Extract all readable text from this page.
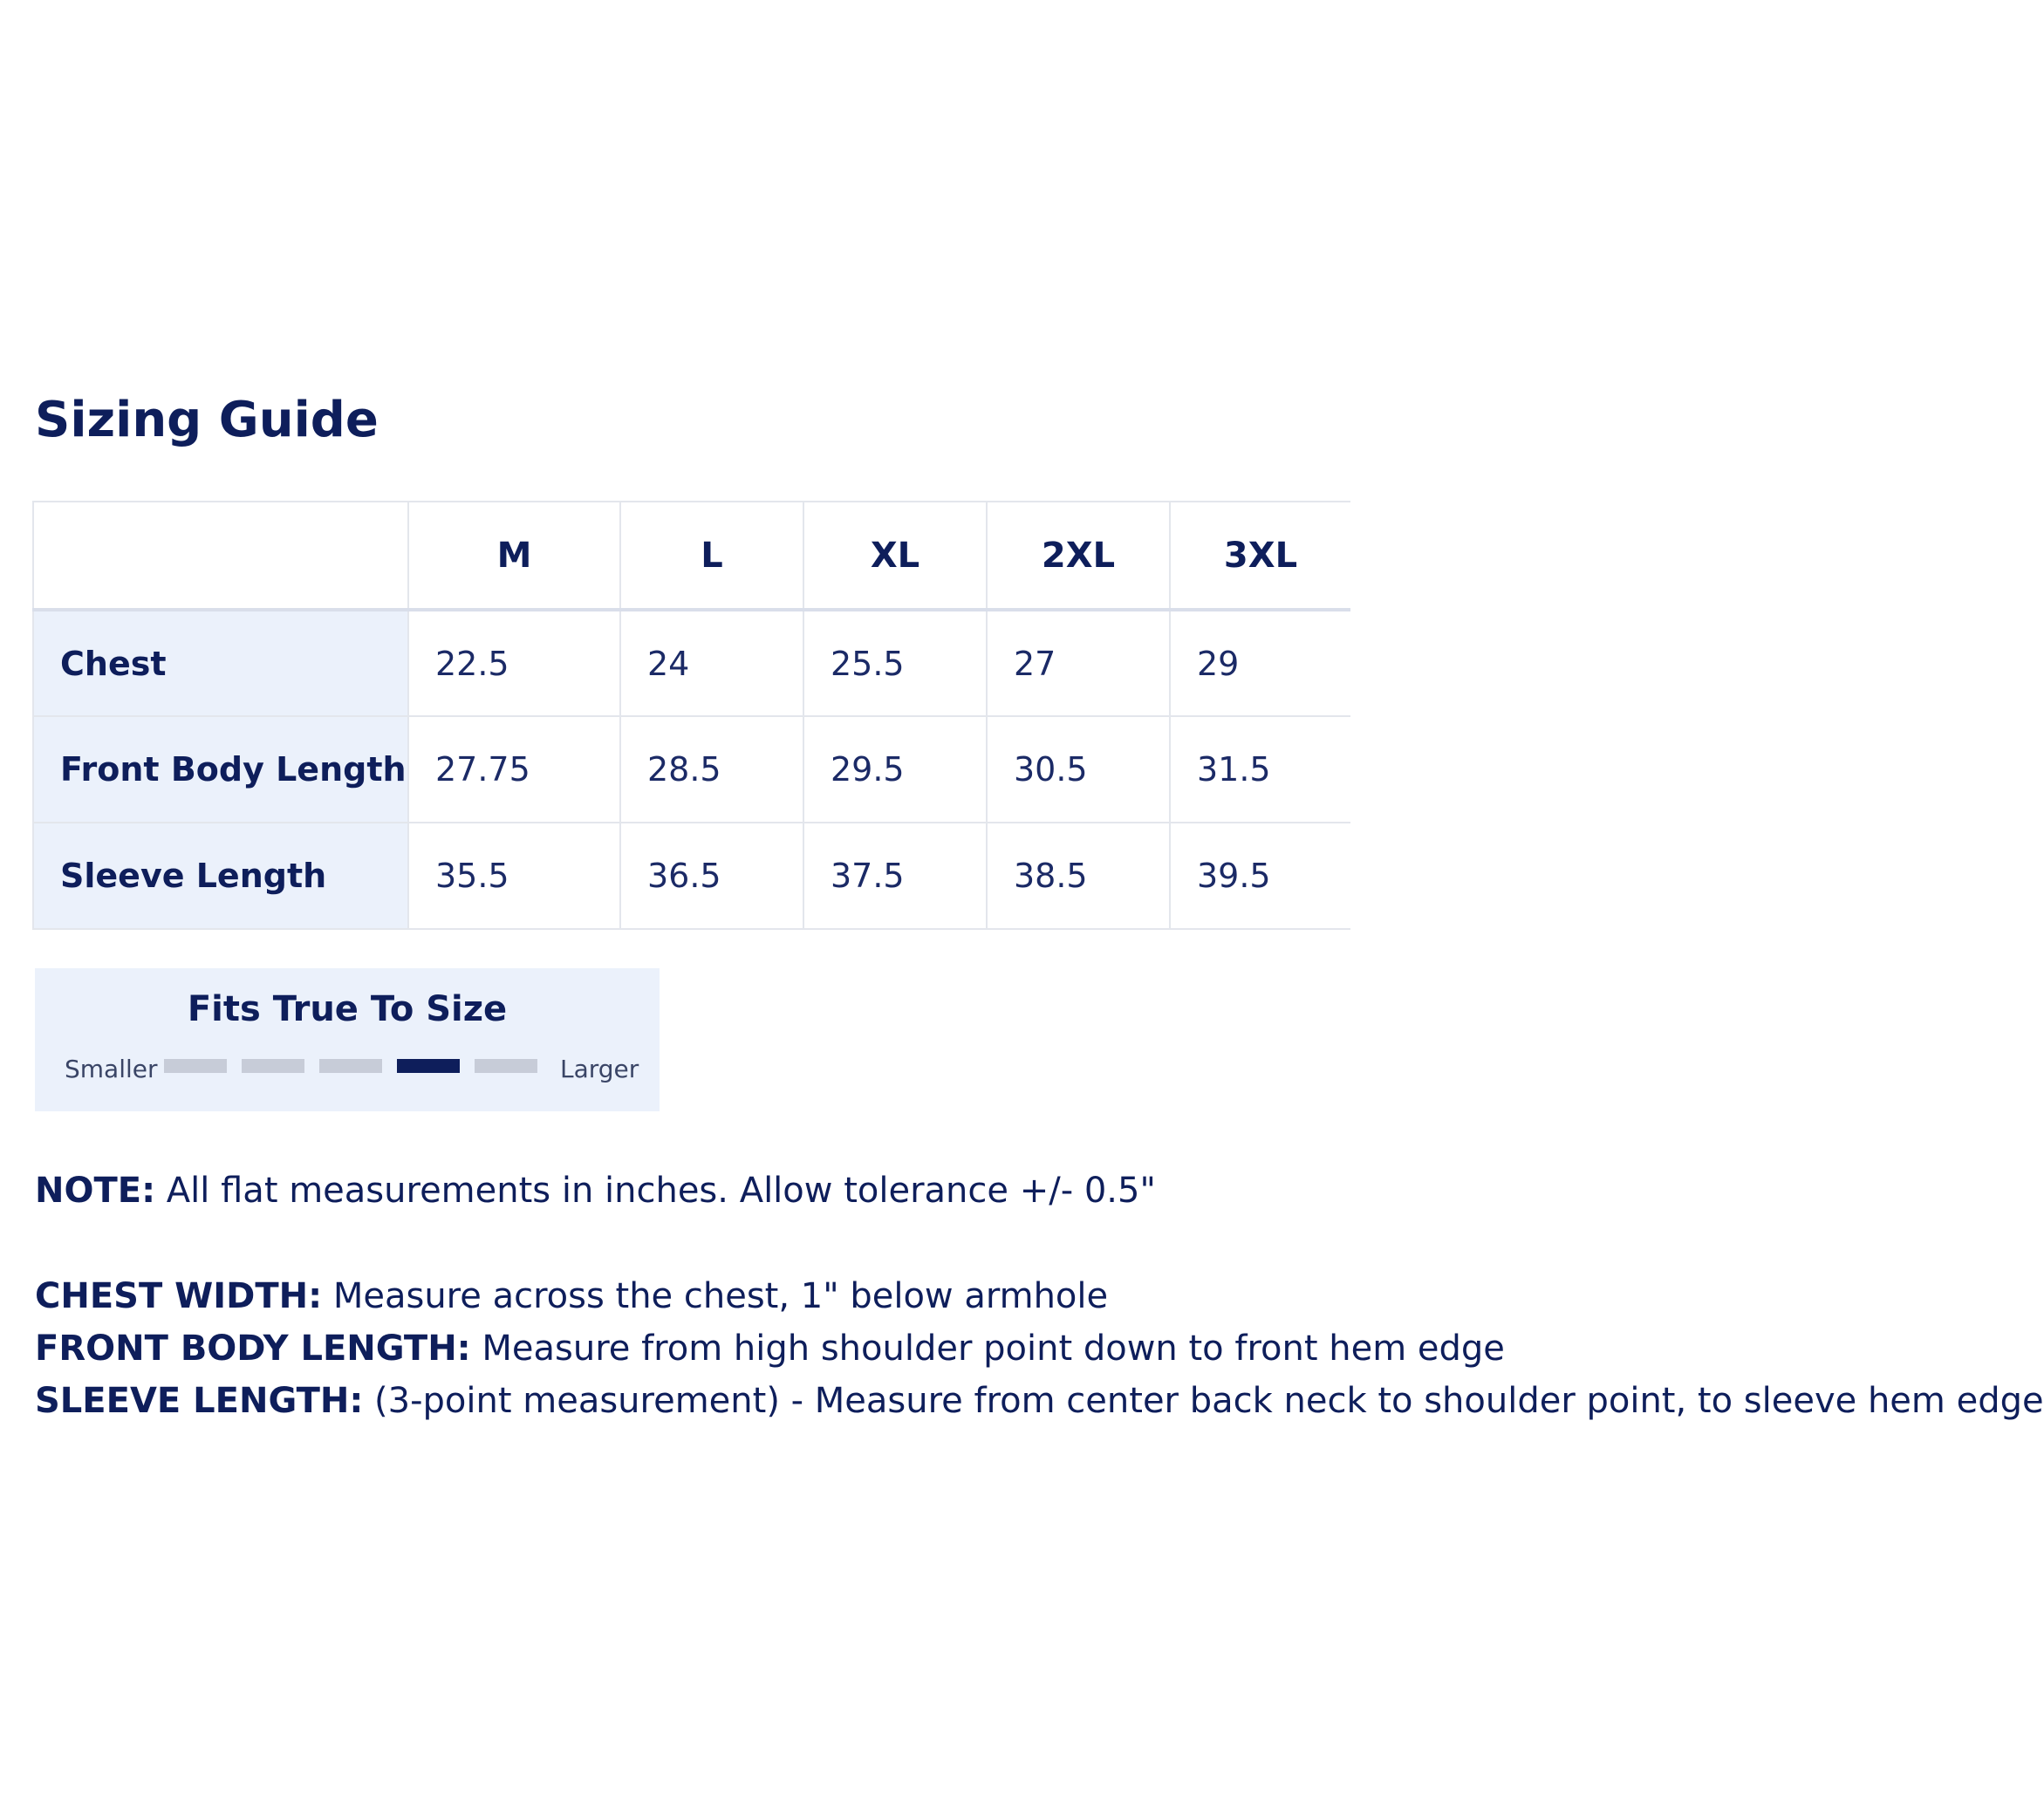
Sizing Guide
	M	L	XL	2XL	3XL
Chest	22.5	24	25.5	27	29
Front Body Length	27.75	28.5	29.5	30.5	31.5
Sleeve Length	35.5	36.5	37.5	38.5	39.5

Fits True To Size

Smaller	Larger

NOTE: All flat measurements in inches. Allow tolerance +/- 0.5"

CHEST WIDTH: Measure across the chest, 1" below armhole

FRONT BODY LENGTH: Measure from high shoulder point down to front hem edge

SLEEVE LENGTH: (3-point measurement) - Measure from center back neck to shoulder point, to sleeve hem edge
